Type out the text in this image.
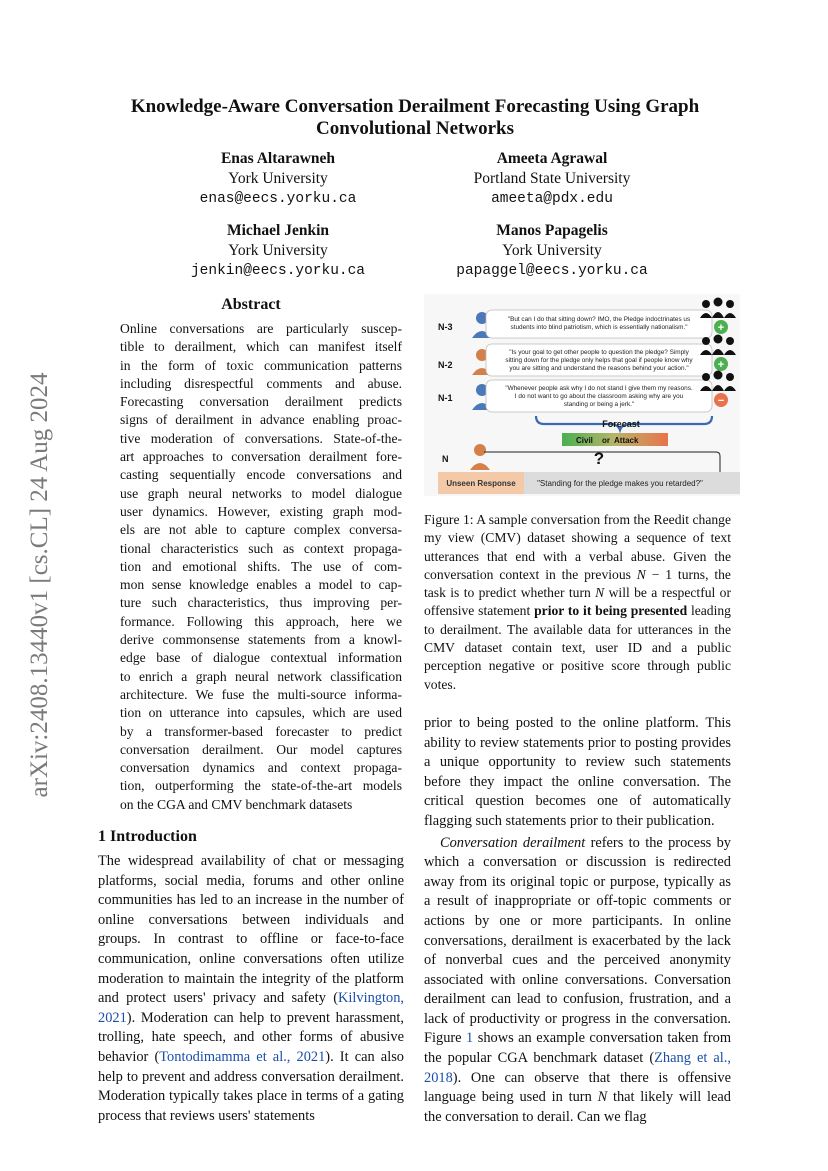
arXiv:2408.13440v1 [cs.CL] 24 Aug 2024
Knowledge-Aware Conversation Derailment Forecasting Using Graph
Convolutional Networks
Enas Altarawneh
York University
enas@eecs.yorku.ca
Ameeta Agrawal
Portland State University
ameeta@pdx.edu
Michael Jenkin
York University
jenkin@eecs.yorku.ca
Manos Papagelis
York University
papaggel@eecs.yorku.ca
Abstract
Online conversations are particularly suscep-
tible to derailment, which can manifest itself
in the form of toxic communication patterns
including disrespectful comments and abuse.
Forecasting conversation derailment predicts
signs of derailment in advance enabling proac-
tive moderation of conversations. State-of-the-
art approaches to conversation derailment fore-
casting sequentially encode conversations and
use graph neural networks to model dialogue
user dynamics. However, existing graph mod-
els are not able to capture complex conversa-
tional characteristics such as context propaga-
tion and emotional shifts. The use of com-
mon sense knowledge enables a model to cap-
ture such characteristics, thus improving per-
formance. Following this approach, here we
derive commonsense statements from a knowl-
edge base of dialogue contextual information
to enrich a graph neural network classification
architecture. We fuse the multi-source informa-
tion on utterance into capsules, which are used
by a transformer-based forecaster to predict
conversation derailment. Our model captures
conversation dynamics and context propaga-
tion, outperforming the state-of-the-art models
on the CGA and CMV benchmark datasets
1 Introduction

The widespread availability of chat or messaging platforms, social media, forums and other online communities has led to an increase in the number of online conversations between individuals and groups. In contrast to offline or face-to-face communication, online conversations often utilize moderation to maintain the integrity of the platform and protect users' privacy and safety (Kilvington, 2021). Moderation can help to prevent harassment, trolling, hate speech, and other forms of abusive behavior (Tontodimamma et al., 2021). It can also help to prevent and address conversation derailment. Moderation typically takes place in terms of a gating process that reviews users' statements

N-3
"But can I do that sitting down? IMO, the Pledge indoctrinates us
students into blind patriotism, which is essentially nationalism."	+
N-2
"Is your goal to get other people to question the pledge? Simply
sitting down for the pledge only helps that goal if people know why
you are sitting and understand the reasons behind your action."	+
N-1
"Whenever people ask why I do not stand I give them my reasons.
I do not want to go about the classroom asking why are you
standing or being a jerk."	−
Forecast
Civil or Attack
?
N
Unseen Response	"Standing for the pledge makes you retarded?"

Figure 1: A sample conversation from the Reedit change my view (CMV) dataset showing a sequence of text utterances that end with a verbal abuse. Given the conversation context in the previous N − 1 turns, the task is to predict whether turn N will be a respectful or offensive statement prior to it being presented leading to derailment. The available data for utterances in the CMV dataset contain text, user ID and a public perception negative or positive score through public votes.

prior to being posted to the online platform. This ability to review statements prior to posting provides a unique opportunity to review such statements before they impact the online conversation. The critical question becomes one of automatically flagging such statements prior to their publication.

Conversation derailment refers to the process by which a conversation or discussion is redirected away from its original topic or purpose, typically as a result of inappropriate or off-topic comments or actions by one or more participants. In online conversations, derailment is exacerbated by the lack of nonverbal cues and the perceived anonymity associated with online conversations. Conversation derailment can lead to confusion, frustration, and a lack of productivity or progress in the conversation. Figure 1 shows an example conversation taken from the popular CGA benchmark dataset (Zhang et al., 2018). One can observe that there is offensive language being used in turn N that likely will lead the conversation to derail. Can we flag
